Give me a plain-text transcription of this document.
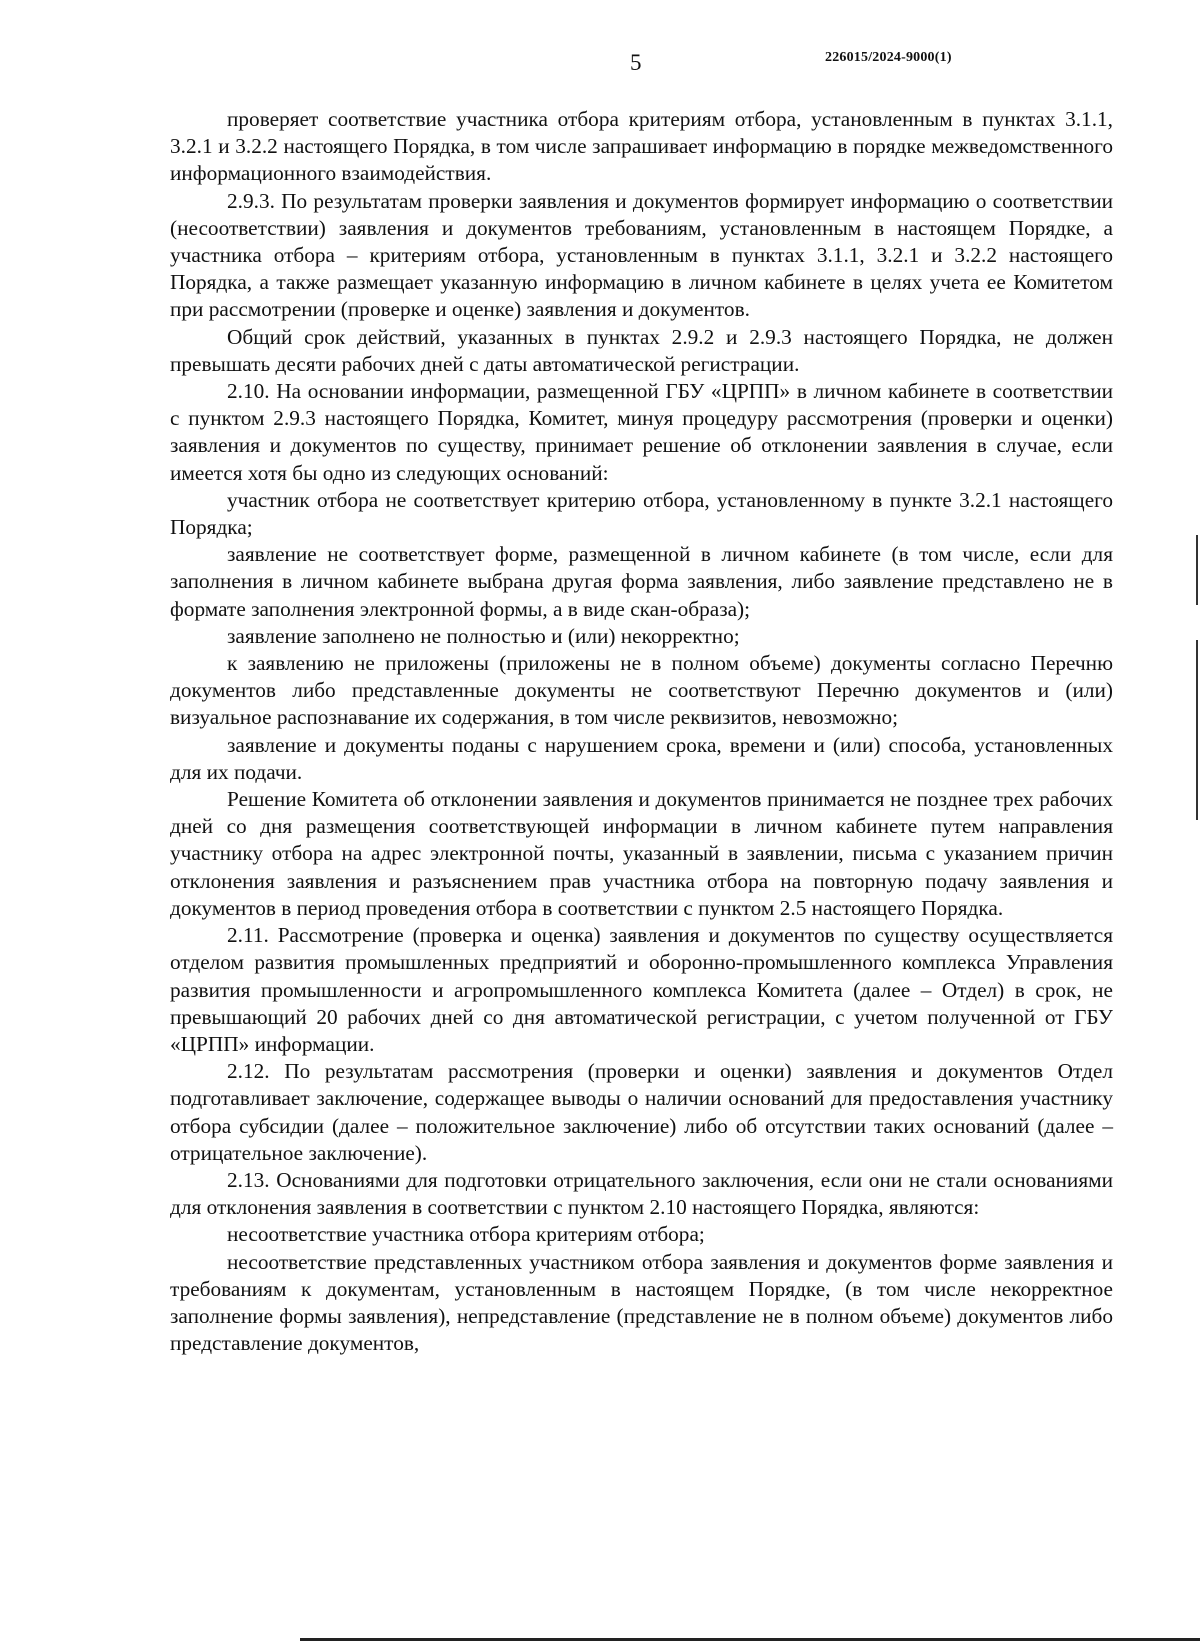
5	226015/2024-9000(1)

проверяет соответствие участника отбора критериям отбора, установленным в пунктах 3.1.1, 3.2.1 и 3.2.2 настоящего Порядка, в том числе запрашивает информацию в порядке межведомственного информационного взаимодействия.

2.9.3. По результатам проверки заявления и документов формирует информацию о соответствии (несоответствии) заявления и документов требованиям, установленным в настоящем Порядке, а участника отбора – критериям отбора, установленным в пунктах 3.1.1, 3.2.1 и 3.2.2 настоящего Порядка, а также размещает указанную информацию в личном кабинете в целях учета ее Комитетом при рассмотрении (проверке и оценке) заявления и документов.

Общий срок действий, указанных в пунктах 2.9.2 и 2.9.3 настоящего Порядка, не должен превышать десяти рабочих дней с даты автоматической регистрации.

2.10. На основании информации, размещенной ГБУ «ЦРПП» в личном кабинете в соответствии с пунктом 2.9.3 настоящего Порядка, Комитет, минуя процедуру рассмотрения (проверки и оценки) заявления и документов по существу, принимает решение об отклонении заявления в случае, если имеется хотя бы одно из следующих оснований:

участник отбора не соответствует критерию отбора, установленному в пункте 3.2.1 настоящего Порядка;

заявление не соответствует форме, размещенной в личном кабинете (в том числе, если для заполнения в личном кабинете выбрана другая форма заявления, либо заявление представлено не в формате заполнения электронной формы, а в виде скан-образа);

заявление заполнено не полностью и (или) некорректно;

к заявлению не приложены (приложены не в полном объеме) документы согласно Перечню документов либо представленные документы не соответствуют Перечню документов и (или) визуальное распознавание их содержания, в том числе реквизитов, невозможно;

заявление и документы поданы с нарушением срока, времени и (или) способа, установленных для их подачи.

Решение Комитета об отклонении заявления и документов принимается не позднее трех рабочих дней со дня размещения соответствующей информации в личном кабинете путем направления участнику отбора на адрес электронной почты, указанный в заявлении, письма с указанием причин отклонения заявления и разъяснением прав участника отбора на повторную подачу заявления и документов в период проведения отбора в соответствии с пунктом 2.5 настоящего Порядка.

2.11. Рассмотрение (проверка и оценка) заявления и документов по существу осуществляется отделом развития промышленных предприятий и оборонно-промышленного комплекса Управления развития промышленности и агропромышленного комплекса Комитета (далее – Отдел) в срок, не превышающий 20 рабочих дней со дня автоматической регистрации, с учетом полученной от ГБУ «ЦРПП» информации.

2.12. По результатам рассмотрения (проверки и оценки) заявления и документов Отдел подготавливает заключение, содержащее выводы о наличии оснований для предоставления участнику отбора субсидии (далее – положительное заключение) либо об отсутствии таких оснований (далее – отрицательное заключение).

2.13. Основаниями для подготовки отрицательного заключения, если они не стали основаниями для отклонения заявления в соответствии с пунктом 2.10 настоящего Порядка, являются:

несоответствие участника отбора критериям отбора;

несоответствие представленных участником отбора заявления и документов форме заявления и требованиям к документам, установленным в настоящем Порядке, (в том числе некорректное заполнение формы заявления), непредставление (представление не в полном объеме) документов либо представление документов,
